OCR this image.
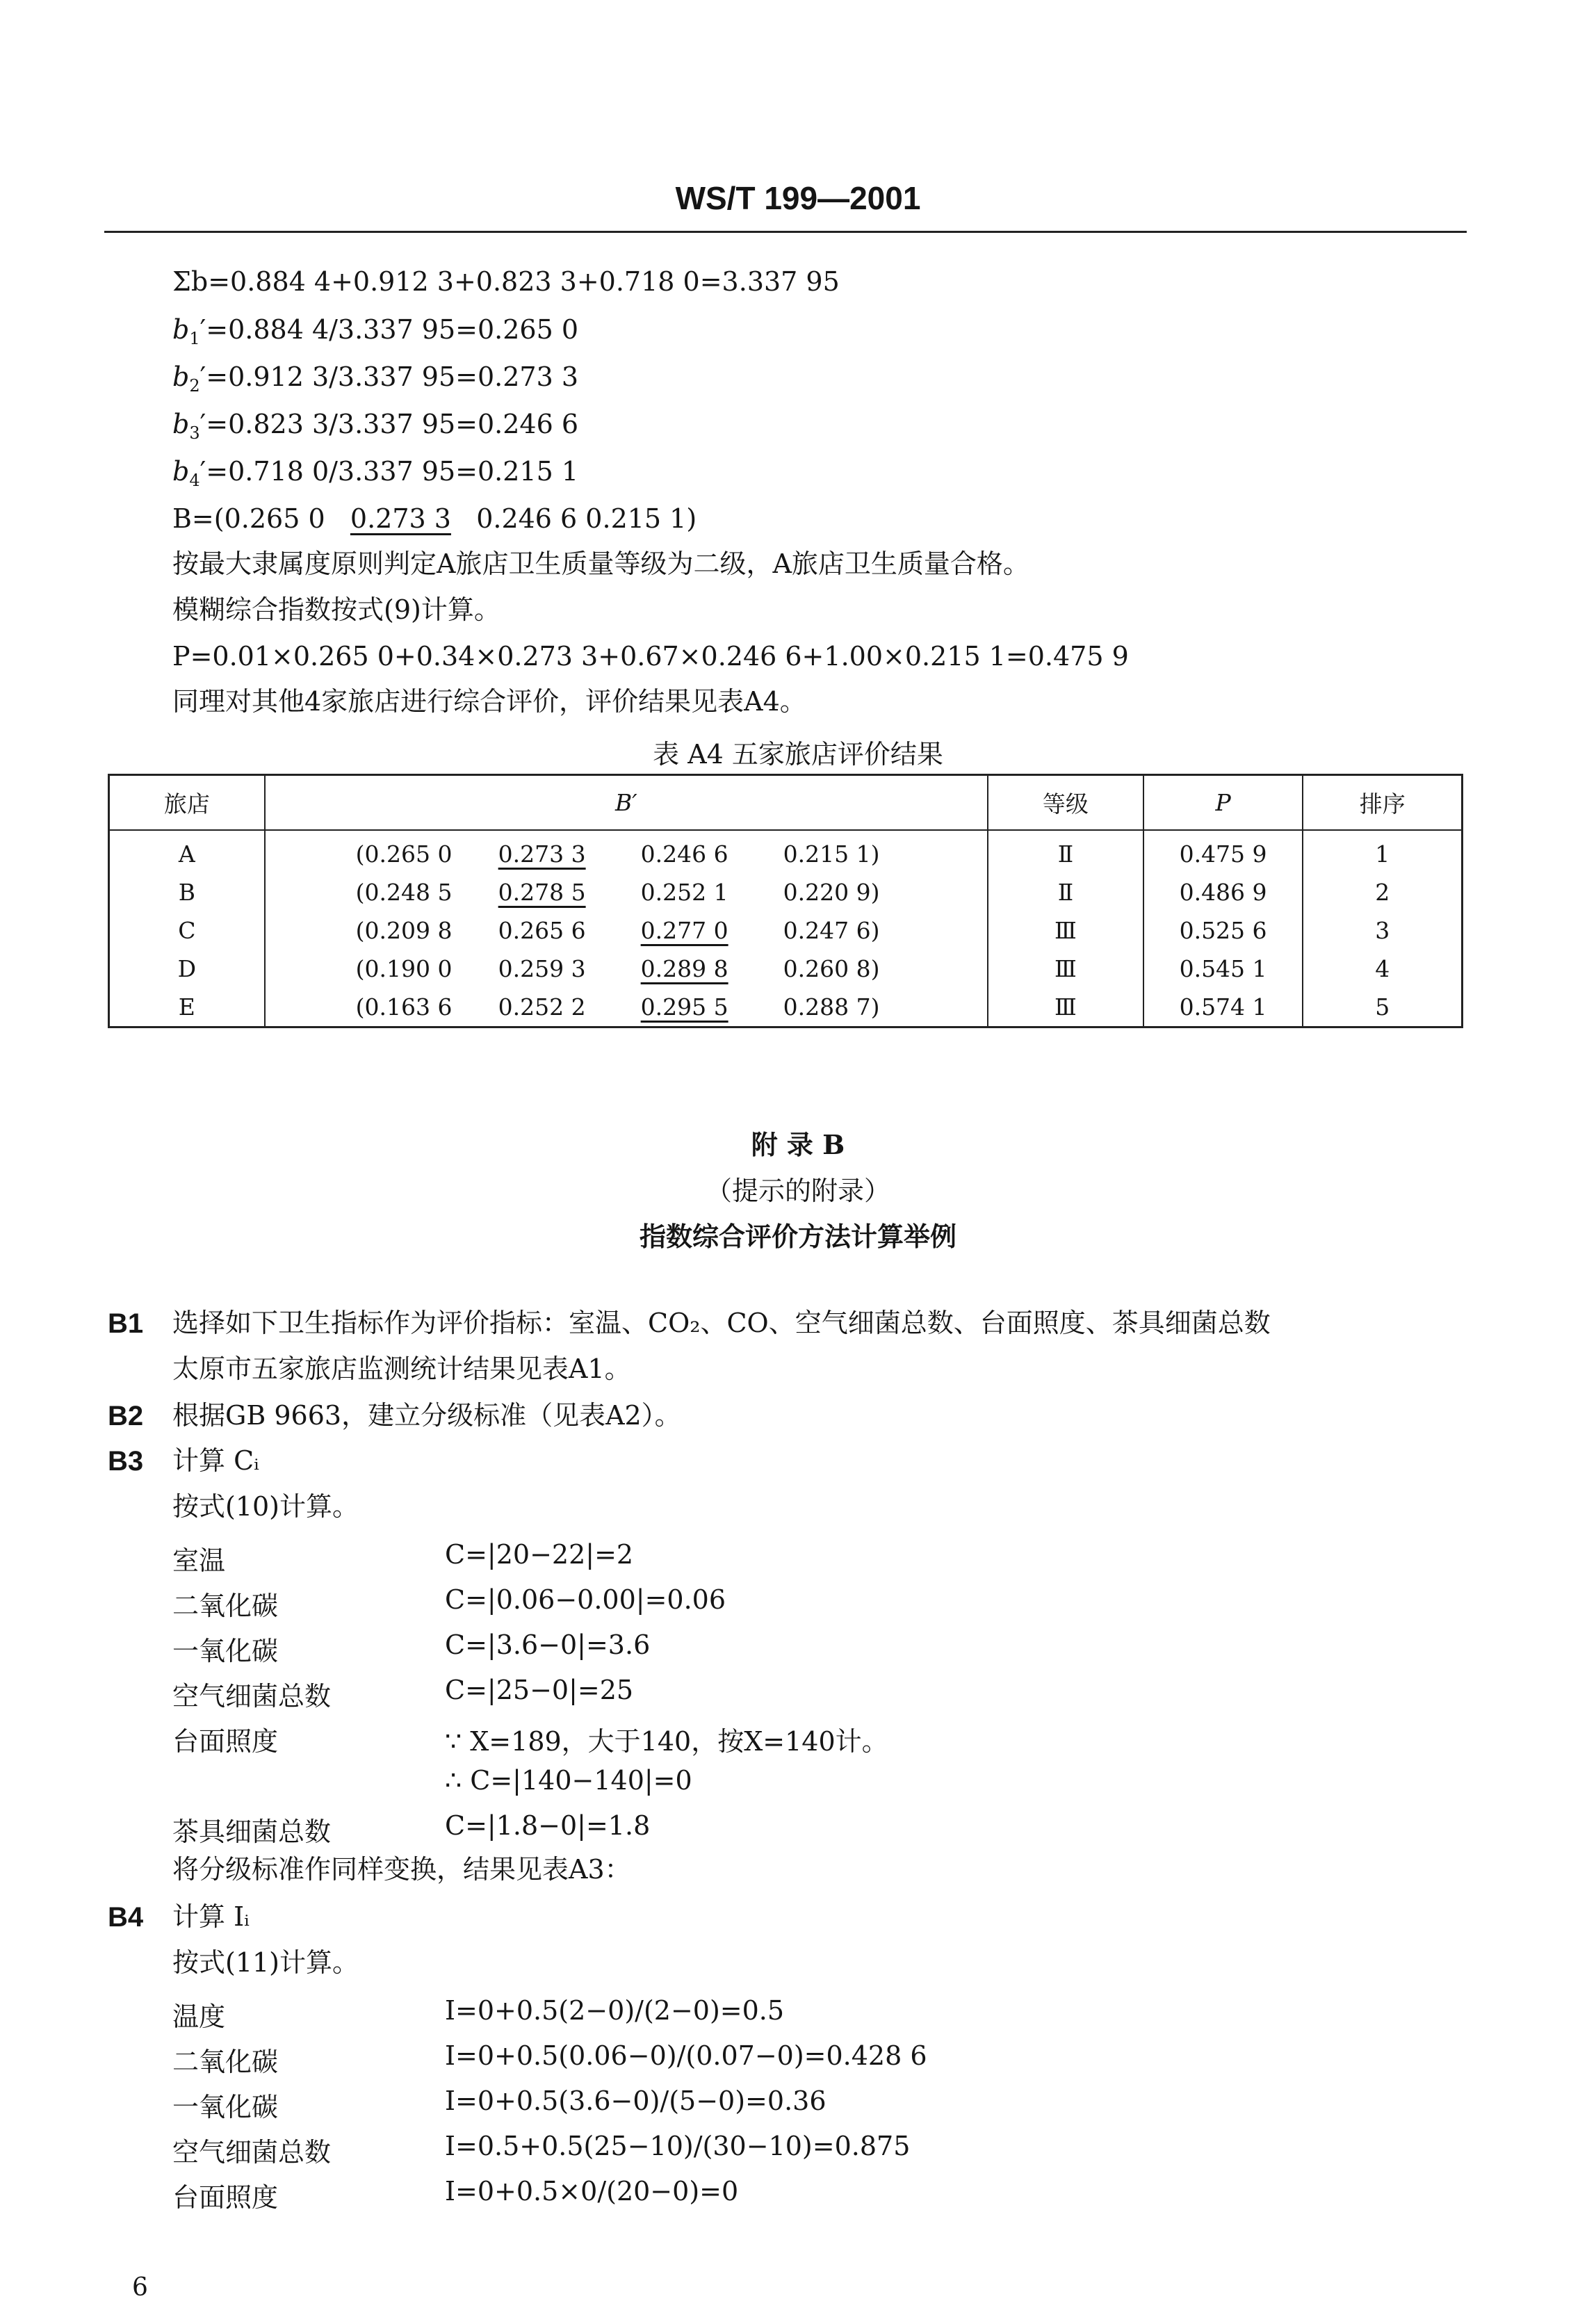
WS/T 199—2001
Σb=0.884 4+0.912 3+0.823 3+0.718 0=3.337 95
$b_1'=0.884$ 4/3.337 95=0.265 0
$b_2'=0.912$ 3/3.337 95=0.273 3
$b_3'=0.823$ 3/3.337 95=0.246 6
$b_4'=0.718$ 0/3.337 95=0.215 1
B=(0.265 0 0.273 3 0.246 6 0.215 1)
按最大隶属度原则判定A旅店卫生质量等级为二级，A旅店卫生质量合格。
模糊综合指数按式(9)计算。
P=0.01×0.265 0+0.34×0.273 3+0.67×0.246 6+1.00×0.215 1=0.475 9
同理对其他4家旅店进行综合评价，评价结果见表A4。
表 A4 五家旅店评价结果
旅店	B′	等级	P	排序
A	(0.265 0 0.273 3 0.246 6 0.215 1)	Ⅱ	0.475 9	1
B	(0.248 5 0.278 5 0.252 1 0.220 9)	Ⅱ	0.486 9	2
C	(0.209 8 0.265 6 0.277 0 0.247 6)	Ⅲ	0.525 6	3
D	(0.190 0 0.259 3 0.289 8 0.260 8)	Ⅲ	0.545 1	4
E	(0.163 6 0.252 2 0.295 5 0.288 7)	Ⅲ	0.574 1	5
附 录 B
（提示的附录）
指数综合评价方法计算举例
B1 选择如下卫生指标作为评价指标：室温、CO₂、CO、空气细菌总数、台面照度、茶具细菌总数
太原市五家旅店监测统计结果见表A1。
B2 根据GB 9663，建立分级标准（见表A2）。
B3 计算 Cᵢ
按式(10)计算。
室温	C=|20−22|=2
二氧化碳	C=|0.06−0.00|=0.06
一氧化碳	C=|3.6−0|=3.6
空气细菌总数	C=|25−0|=25
台面照度	∵ X=189，大于140，按X=140计。
∴ C=|140−140|=0
茶具细菌总数	C=|1.8−0|=1.8
将分级标准作同样变换，结果见表A3：
B4 计算 Iᵢ
按式(11)计算。
温度	I=0+0.5(2−0)/(2−0)=0.5
二氧化碳	I=0+0.5(0.06−0)/(0.07−0)=0.428 6
一氧化碳	I=0+0.5(3.6−0)/(5−0)=0.36
空气细菌总数	I=0.5+0.5(25−10)/(30−10)=0.875
台面照度	I=0+0.5×0/(20−0)=0
6
